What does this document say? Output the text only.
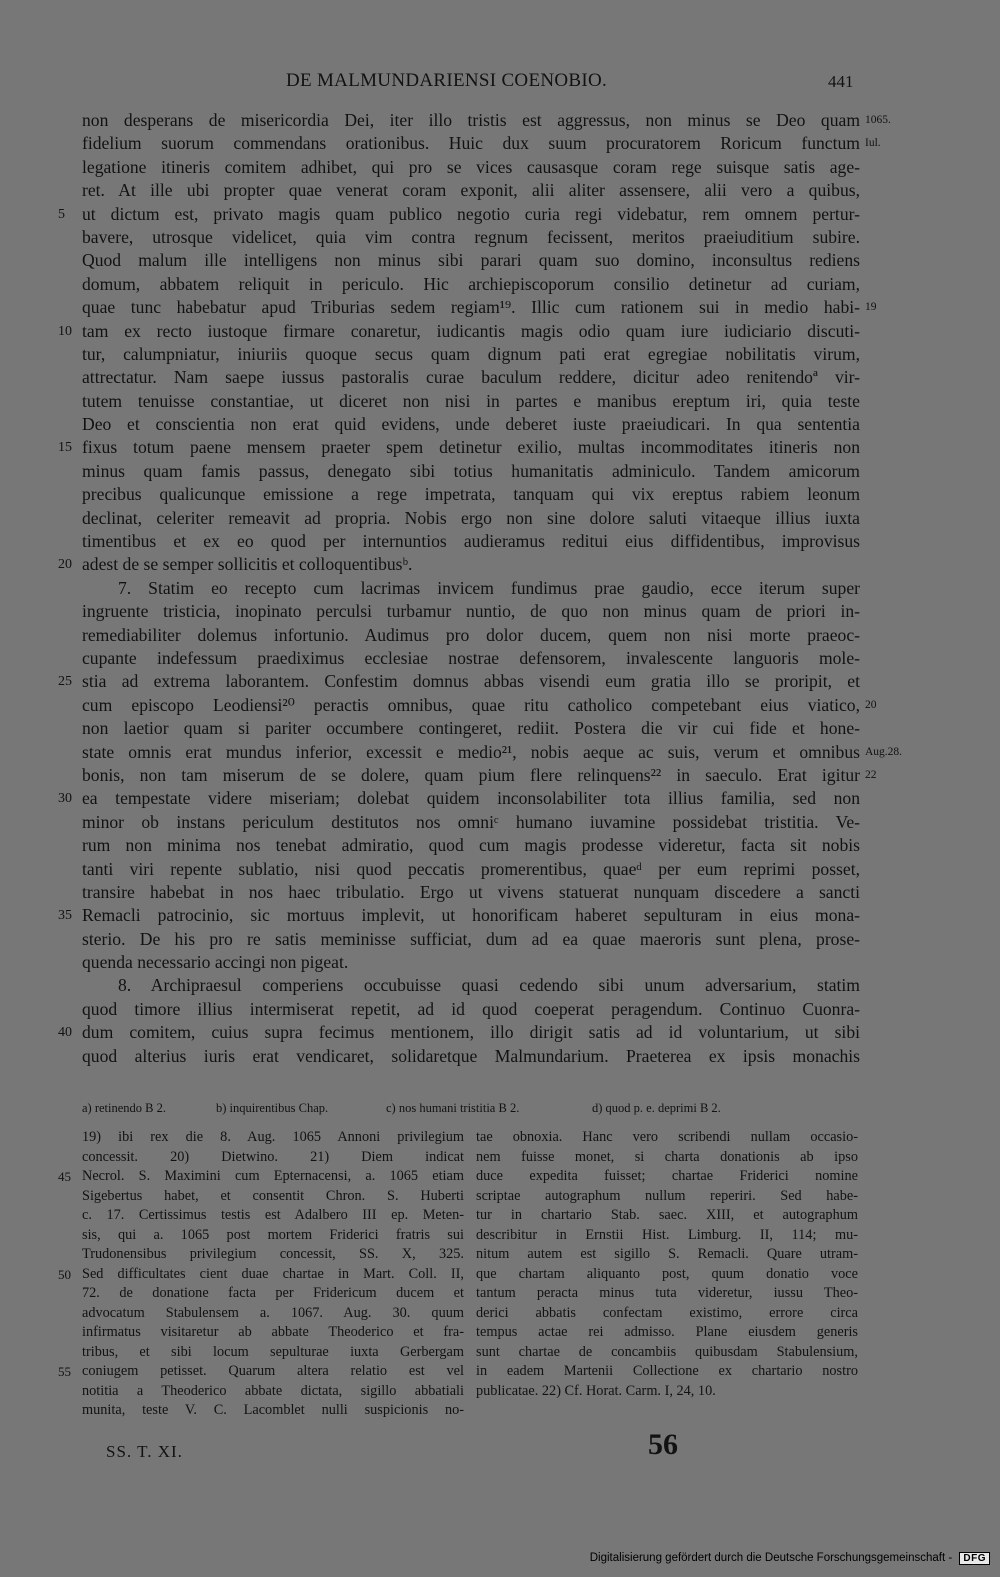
DE MALMUNDARIENSI COENOBIO.	441
non desperans de misericordia Dei, iter illo tristis est aggressus, non minus se Deo quam 1065.
fidelium suorum commendans orationibus. Huic dux suum procuratorem Roricum functum Iul.
legatione itineris comitem adhibet, qui pro se vices causasque coram rege suisque satis age-
ret. At ille ubi propter quae venerat coram exponit, alii aliter assensere, alii vero a quibus,
ut dictum est, privato magis quam publico negotio curia regi videbatur, rem omnem pertur-
5
bavere, utrosque videlicet, quia vim contra regnum fecissent, meritos praeiuditium subire.
Quod malum ille intelligens non minus sibi parari quam suo domino, inconsultus rediens
domum, abbatem reliquit in periculo. Hic archiepiscoporum consilio detinetur ad curiam,
quae tunc habebatur apud Triburias sedem regiam¹⁹. Illic cum rationem sui in medio habi- 19
tam ex recto iustoque firmare conaretur, iudicantis magis odio quam iure iudiciario discuti-
10
tur, calumpniatur, iniuriis quoque secus quam dignum pati erat egregiae nobilitatis virum,
attrectatur. Nam saepe iussus pastoralis curae baculum reddere, dicitur adeo renitendoª vir-
tutem tenuisse constantiae, ut diceret non nisi in partes e manibus ereptum iri, quia teste
Deo et conscientia non erat quid evidens, unde deberet iuste praeiudicari. In qua sententia
fixus totum paene mensem praeter spem detinetur exilio, multas incommoditates itineris non
15
minus quam famis passus, denegato sibi totius humanitatis adminiculo. Tandem amicorum
precibus qualicunque emissione a rege impetrata, tanquam qui vix ereptus rabiem leonum
declinat, celeriter remeavit ad propria. Nobis ergo non sine dolore saluti vitaeque illius iuxta
timentibus et ex eo quod per internuntios audieramus reditui eius diffidentibus, improvisus
adest de se semper sollicitis et colloquentibusᵇ.
20
7. Statim eo recepto cum lacrimas invicem fundimus prae gaudio, ecce iterum super
ingruente tristicia, inopinato perculsi turbamur nuntio, de quo non minus quam de priori in-
remediabiliter dolemus infortunio. Audimus pro dolor ducem, quem non nisi morte praeoc-
cupante indefessum praediximus ecclesiae nostrae defensorem, invalescente languoris mole-
stia ad extrema laborantem. Confestim domnus abbas visendi eum gratia illo se proripit, et
25
cum episcopo Leodiensi²⁰ peractis omnibus, quae ritu catholico competebant eius viatico, 20
non laetior quam si pariter occumbere contingeret, rediit. Postera die vir cui fide et hone-
state omnis erat mundus inferior, excessit e medio²¹, nobis aeque ac suis, verum et omnibus Aug.28.
bonis, non tam miserum de se dolere, quam pium flere relinquens²² in saeculo. Erat igitur 22
ea tempestate videre miseriam; dolebat quidem inconsolabiliter tota illius familia, sed non
30
minor ob instans periculum destitutos nos omniᶜ humano iuvamine possidebat tristitia. Ve-
rum non minima nos tenebat admiratio, quod cum magis prodesse videretur, facta sit nobis
tanti viri repente sublatio, nisi quod peccatis promerentibus, quaeᵈ per eum reprimi posset,
transire habebat in nos haec tribulatio. Ergo ut vivens statuerat nunquam discedere a sancti
Remacli patrocinio, sic mortuus implevit, ut honorificam haberet sepulturam in eius mona-
35
sterio. De his pro re satis meminisse sufficiat, dum ad ea quae maeroris sunt plena, prose-
quenda necessario accingi non pigeat.
8. Archipraesul comperiens occubuisse quasi cedendo sibi unum adversarium, statim
quod timore illius intermiserat repetit, ad id quod coeperat peragendum. Continuo Cuonra-
dum comitem, cuius supra fecimus mentionem, illo dirigit satis ad id voluntarium, ut sibi
40
quod alterius iuris erat vendicaret, solidaretque Malmundarium. Praeterea ex ipsis monachis
a) retinendo B 2.	b) inquirentibus Chap.	c) nos humani tristitia B 2.	d) quod p. e. deprimi B 2.
19) ibi rex die 8. Aug. 1065 Annoni privilegium
concessit. 20) Dietwino. 21) Diem indicat
Necrol. S. Maximini cum Epternacensi, a. 1065 etiam
45
Sigebertus habet, et consentit Chron. S. Huberti
c. 17. Certissimus testis est Adalbero III ep. Meten-
sis, qui a. 1065 post mortem Friderici fratris sui
Trudonensibus privilegium concessit, SS. X, 325.
Sed difficultates cient duae chartae in Mart. Coll. II,
50
72. de donatione facta per Fridericum ducem et
advocatum Stabulensem a. 1067. Aug. 30. quum
infirmatus visitaretur ab abbate Theoderico et fra-
tribus, et sibi locum sepulturae iuxta Gerbergam
coniugem petisset. Quarum altera relatio est vel
55
notitia a Theoderico abbate dictata, sigillo abbatiali
munita, teste V. C. Lacomblet nulli suspicionis no-
tae obnoxia. Hanc vero scribendi nullam occasio-
nem fuisse monet, si charta donationis ab ipso
duce expedita fuisset; chartae Friderici nomine
scriptae autographum nullum reperiri. Sed habe-
tur in chartario Stab. saec. XIII, et autographum
describitur in Ernstii Hist. Limburg. II, 114; mu-
nitum autem est sigillo S. Remacli. Quare utram-
que chartam aliquanto post, quum donatio voce
tantum peracta minus tuta videretur, iussu Theo-
derici abbatis confectam existimo, errore circa
tempus actae rei admisso. Plane eiusdem generis
sunt chartae de concambiis quibusdam Stabulensium,
in eadem Martenii Collectione ex chartario nostro
publicatae. 22) Cf. Horat. Carm. I, 24, 10.
SS. T. XI.	56
Digitalisierung gefördert durch die Deutsche Forschungsgemeinschaft - DFG
